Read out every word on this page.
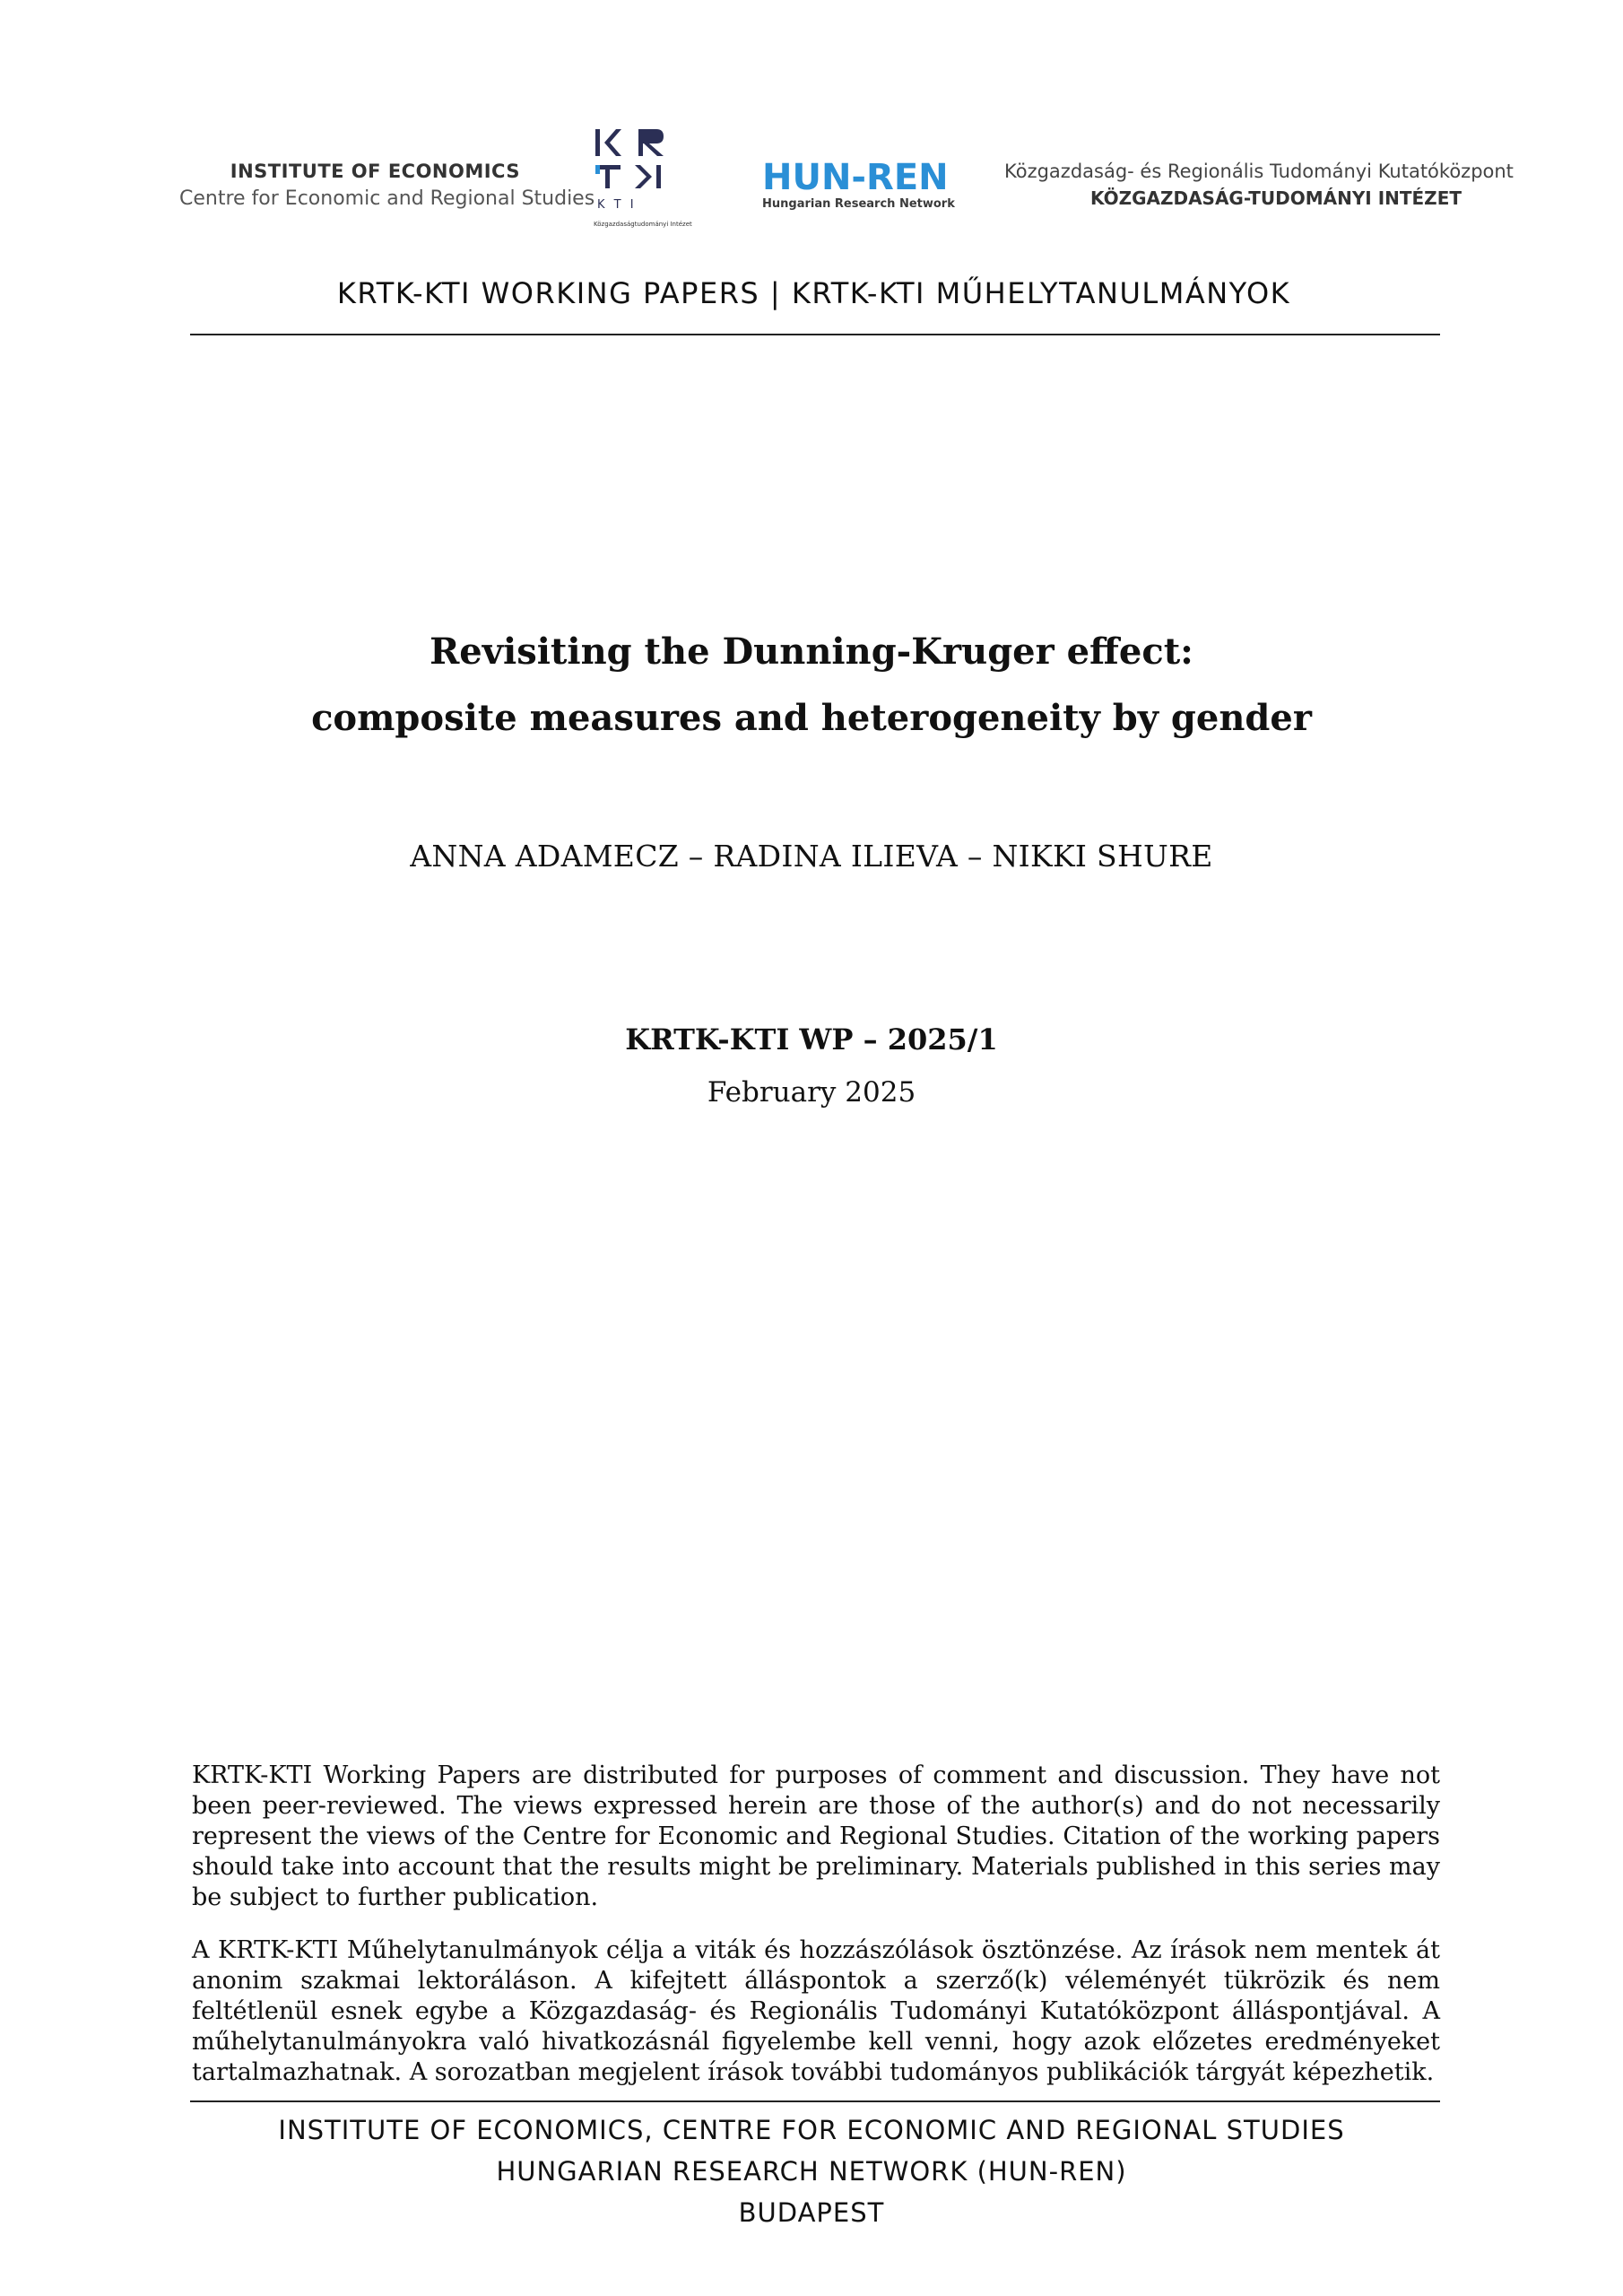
INSTITUTE OF ECONOMICS
Centre for Economic and Regional Studies K T I
Közgazdaságtudományi Intézet
HUN-REN
Hungarian Research Network
Közgazdaság- és Regionális Tudományi Kutatóközpont
KÖZGAZDASÁG-TUDOMÁNYI INTÉZET
KRTK-KTI WORKING PAPERS | KRTK-KTI MŰHELYTANULMÁNYOK
Revisiting the Dunning-Kruger effect:
composite measures and heterogeneity by gender
ANNA ADAMECZ – RADINA ILIEVA – NIKKI SHURE
KRTK-KTI WP – 2025/1
February 2025

KRTK-KTI Working Papers are distributed for purposes of comment and discussion. They have not been peer-reviewed. The views expressed herein are those of the author(s) and do not necessarily represent the views of the Centre for Economic and Regional Studies. Citation of the working papers should take into account that the results might be preliminary. Materials published in this series may be subject to further publication.

A KRTK-KTI Műhelytanulmányok célja a viták és hozzászólások ösztönzése. Az írások nem mentek át anonim szakmai lektoráláson. A kifejtett álláspontok a szerző(k) véleményét tükrözik és nem feltétlenül esnek egybe a Közgazdaság- és Regionális Tudományi Kutatóközpont álláspontjával. A műhelytanulmányokra való hivatkozásnál figyelembe kell venni, hogy azok előzetes eredményeket tartalmazhatnak. A sorozatban megjelent írások további tudományos publikációk tárgyát képezhetik.

INSTITUTE OF ECONOMICS, CENTRE FOR ECONOMIC AND REGIONAL STUDIES
HUNGARIAN RESEARCH NETWORK (HUN-REN)
BUDAPEST
